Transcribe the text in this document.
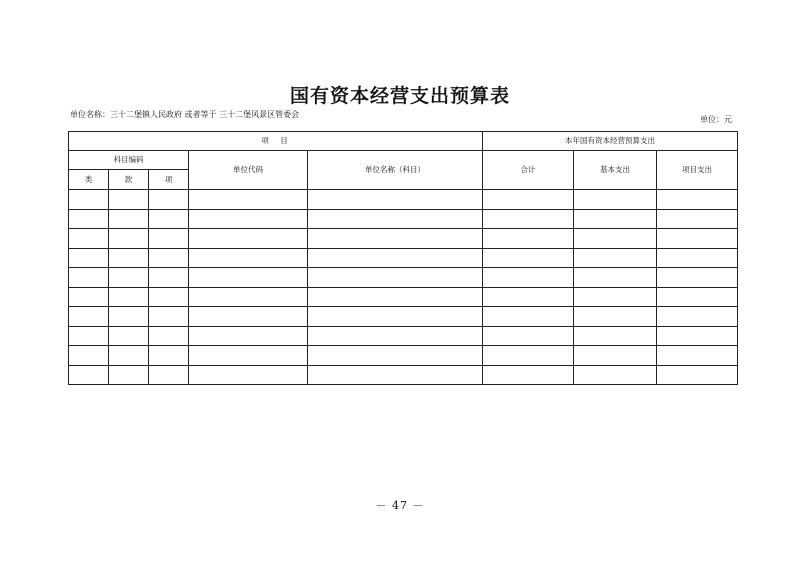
国有资本经营支出预算表
单位名称：三十二堡镇人民政府 或者等于 三十二堡风景区管委会
单位：元
项　目					本年国有资本经营预算支出		
科目编码			单位代码	单位名称（科目）	合计	基本支出	项目支出
类	款	项					

－ 47 －
